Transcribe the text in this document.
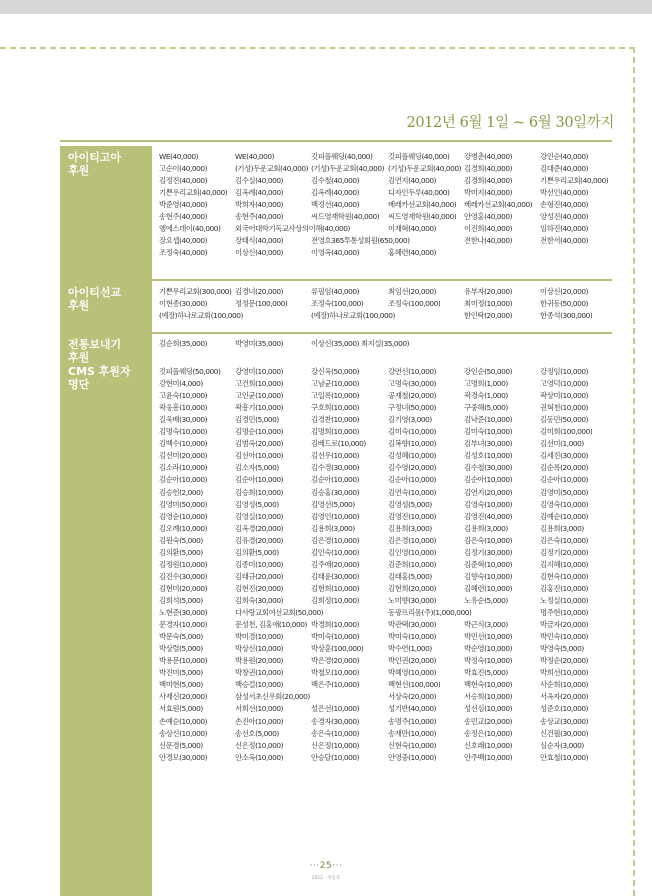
2012년 6월 1일 ~ 6월 30일까지
아이티고아
후원
아이티선교
후원
전통보내기
후원
CMS 후원자
명단
WE(40,000)	WE(40,000)	깃피플웨딩(40,000) 깃피플웨딩(40,000) 강병춘(40,000)	강인순(40,000)
고순이(40,000)	(기성)두운교회(40,000) (기성)두운교회(40,000) (기성)두운교회(40,000) 김경희(40,000)	김대준(40,000)
김정진(40,000)	김수실(40,000)	김수철(40,000)	김연지(40,000)	김경희(40,000)	기쁜우리교회(40,000)
기쁜우리교회(40,000) 김옥례(40,000)	김옥례(40,000)	디자인두루(40,000) 박미지(40,000)	박선인(40,000)
박준영(40,000)	박희자(40,000)	백정선(40,000)	베레카선교회(40,000) 베레카선교회(40,000) 손형진(40,000)
송현주(40,000)	송현주(40,000)	씨드영재학원(40,000) 씨드영재학원(40,000) 안영홍(40,000)	양성진(40,000)
엠에스데이(40,000) 외국어대학기독교사상의이해(40,000)	이재혁(40,000)	이진희(40,000)	임하진(40,000)
장요셉(40,000)	장태식(40,000)	전영호365투통성회원(650,000)	전한나(40,000)	전한서(40,000)
조정숙(40,000)	이상신(40,000)	이영옥(40,000)	홍혜련(40,000)
기쁜우리교회(300,000) 김경녀(20,000)	류필임(40,000)	최임선(20,000)	유부자(20,000)	이상신(20,000)
이현종(30,000)	정정문(100,000)	조정숙(100,000)	조정숙(100,000)	최미정(10,000)	한귀동(50,000)
(예장)하나로교회(100,000)	(예장)하나로교회(100,000)	한인탁(20,000)	한종석(300,000)
김순희(35,000)	박영미(35,000)	이상신(35,000) 최지설(35,000)
깃피플웨딩(50,000) 강영미(10,000)	강신욱(50,000)	강연신(10,000)	강인순(50,000)	강정임(10,000)
강현미(4,000)	고건희(10,000)	고남균(10,000)	고명숙(30,000)	고명희(1,000)	고영덕(10,000)
고윤숙(10,000)	고인균(10,000)	고일록(10,000)	공재철(20,000)	곽경숙(1,000)	곽상미(10,000)
곽웅흥(10,000)	곽흥기(10,000)	구호희(10,000)	구정녀(50,000)	구중해(5,000)	권혁천(10,000)
길욱배(30,000)	김경민(5,000)	김경찬(10,000)	김기영(3,000)	김낙준(10,000)	김동민(50,000)
김명숙(10,000)	김명순(10,000)	김명희(10,000)	김미숙(10,000)	김미숙(10,000)	김미희(100,000)
김백수(10,000)	김범옥(20,000)	김베드로(10,000)	김복향(10,000)	김부녀(30,000)	김선미(1,000)
김선미(20,000)	김선아(10,000)	김선우(10,000)	김성혜(10,000)	김성호(10,000)	김세진(30,000)
김소라(10,000)	김소자(5,000)	김수경(30,000)	김수영(20,000)	김수철(30,000)	김순록(20,000)
김순아(10,000)	김순아(10,000)	김순아(10,000)	김순아(10,000)	김순아(10,000)	김순아(10,000)
김승헌(2,000)	김승희(10,000)	김승홍(30,000)	김연숙(10,000)	김연지(20,000)	김영미(50,000)
김영미(50,000)	김영성(5,000)	김영선(5,000)	김영성(5,000)	김영숙(10,000)	김영숙(10,000)
김영순(10,000)	김영실(10,000)	김영인(10,000)	김영진(10,000)	김영진(40,000)	김예순(10,000)
김오례(10,000)	김옥경(20,000)	김용희(3,000)	김용희(3,000)	김용희(3,000)	김용희(3,000)
김원숙(5,000)	김유경(20,000)	김은경(10,000)	김은경(10,000)	김은숙(10,000)	김은숙(10,000)
김의환(5,000)	김의환(5,000)	김인숙(10,000)	김인영(10,000)	김정기(30,000)	김정기(20,000)
김정원(10,000)	김종미(10,000)	김주애(20,000)	김준희(10,000)	김준혁(10,000)	김지혜(10,000)
김진수(30,000)	김태규(20,000)	김태윤(30,000)	김태홍(5,000)	김향숙(10,000)	김현숙(10,000)
김현미(20,000)	김현진(20,000)	김현희(10,000)	김현희(20,000)	김혜련(10,000)	김홍진(10,000)
김희석(5,000)	김희숙(30,000)	김희정(10,000)	노미향(30,000)	노유순(5,000)	노정실(10,000)
노현준(30,000)	다사랑교회여선교회(50,000)	동광프리몸(주)(1,000,000)	명주현(10,000)
문경자(10,000)	문성천, 김홍애(10,000) 박경희(10,000)	박관택(30,000)	박근식(3,000)	박금자(20,000)
박문숙(5,000)	박미경(10,000)	박미숙(10,000)	박미숙(10,000)	박민선(10,000)	박민숙(10,000)
박상렬(5,000)	박상신(10,000)	박상훈(100,000)	박수연(1,000)	박순영(10,000)	박영숙(5,000)
박용문(10,000)	박용원(20,000)	박은경(20,000)	박인권(20,000)	박정숙(10,000)	박정순(20,000)
박진미(5,000)	박창권(10,000)	박철모(10,000)	박혜영(10,000)	박효진(5,000)	박희선(10,000)
백미현(5,000)	백승걸(10,000)	백은주(10,000)	백현선(100,000)	백현숙(10,000)	사순희(10,000)
사재신(20,000)	삼성서초신우회(20,000)	서상숙(20,000)	서승희(10,000)	서옥자(20,000)
서효원(5,000)	서희선(10,000)	설은선(10,000)	성기반(40,000)	성선심(10,000)	성준호(10,000)
손예순(10,000)	손진아(10,000)	송경자(30,000)	송명주(10,000)	송민교(20,000)	송상교(30,000)
송상신(10,000)	송선호(5,000)	송은숙(10,000)	송재만(10,000)	송정은(10,000)	신건월(30,000)
신문경(5,000)	신은정(10,000)	신은정(10,000)	신현숙(10,000)	신호래(10,000)	심순자(3,000)
안경모(30,000)	안소옥(10,000)	안승달(10,000)	안영중(10,000)	안주백(10,000)	안효철(10,000)
···25···
2012 · 여름호
